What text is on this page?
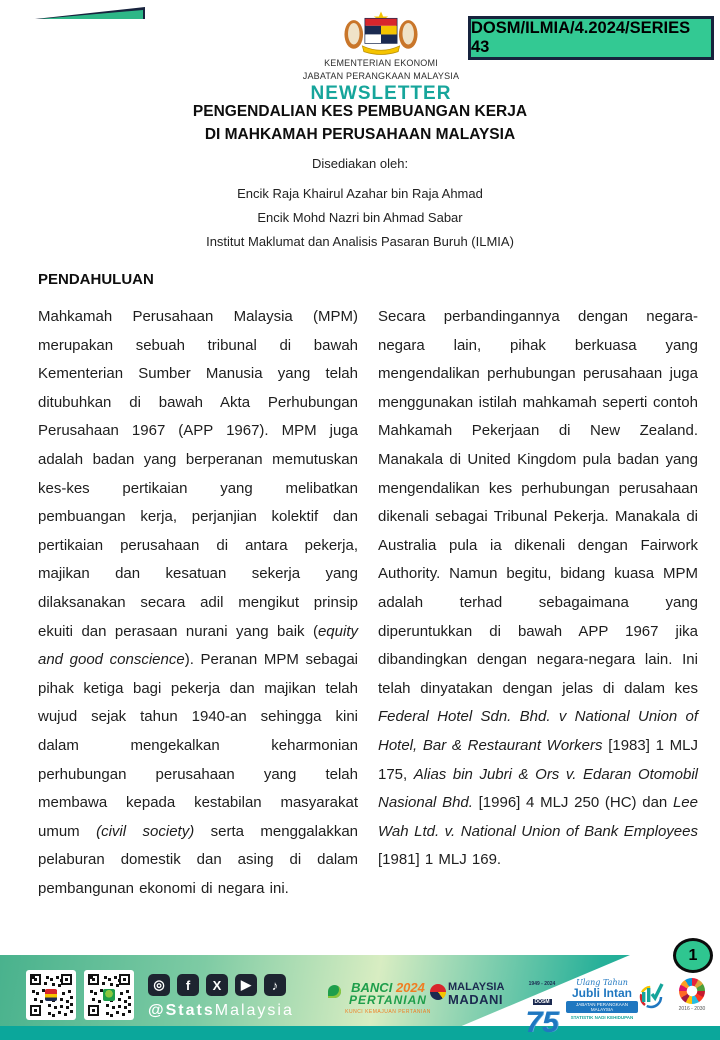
KEMENTERIAN EKONOMI
JABATAN PERANGKAAN MALAYSIA
NEWSLETTER
DOSM/ILMIA/4.2024/SERIES 43
PENGENDALIAN KES PEMBUANGAN KERJA
DI MAHKAMAH PERUSAHAAN MALAYSIA
Disediakan oleh:
Encik Raja Khairul Azahar bin Raja Ahmad
Encik Mohd Nazri bin Ahmad Sabar
Institut Maklumat dan Analisis Pasaran Buruh (ILMIA)
PENDAHULUAN
Mahkamah Perusahaan Malaysia (MPM) merupakan sebuah tribunal di bawah Kementerian Sumber Manusia yang telah ditubuhkan di bawah Akta Perhubungan Perusahaan 1967 (APP 1967). MPM juga adalah badan yang berperanan memutuskan kes-kes pertikaian yang melibatkan pembuangan kerja, perjanjian kolektif dan pertikaian perusahaan di antara pekerja, majikan dan kesatuan sekerja yang dilaksanakan secara adil mengikut prinsip ekuiti dan perasaan nurani yang baik (equity and good conscience). Peranan MPM sebagai pihak ketiga bagi pekerja dan majikan telah wujud sejak tahun 1940-an sehingga kini dalam mengekalkan keharmonian perhubungan perusahaan yang telah membawa kepada kestabilan masyarakat umum (civil society) serta menggalakkan pelaburan domestik dan asing di dalam pembangunan ekonomi di negara ini.
Secara perbandingannya dengan negara-negara lain, pihak berkuasa yang mengendalikan perhubungan perusahaan juga menggunakan istilah mahkamah seperti contoh Mahkamah Pekerjaan di New Zealand. Manakala di United Kingdom pula badan yang mengendalikan kes perhubungan perusahaan dikenali sebagai Tribunal Pekerja. Manakala di Australia pula ia dikenali dengan Fairwork Authority. Namun begitu, bidang kuasa MPM adalah terhad sebagaimana yang diperuntukkan di bawah APP 1967 jika dibandingkan dengan negara-negara lain. Ini telah dinyatakan dengan jelas di dalam kes Federal Hotel Sdn. Bhd. v National Union of Hotel, Bar & Restaurant Workers [1983] 1 MLJ 175, Alias bin Jubri & Ors v. Edaran Otomobil Nasional Bhd. [1996] 4 MLJ 250 (HC) dan Lee Wah Ltd. v. National Union of Bank Employees [1981] 1 MLJ 169.
◎	f	X	▶	♪
@StatsMalaysia
BANCI 2024
PERTANIAN
KUNCI KEMAJUAN PERTANIAN
MALAYSIA
MADANI
1949 - 2024 DOSM
75
Ulang Tahun
Jubli Intan
JABATAN PERANGKAAN MALAYSIA
STATISTIK NADI KEHIDUPAN
2016 - 2030
1
